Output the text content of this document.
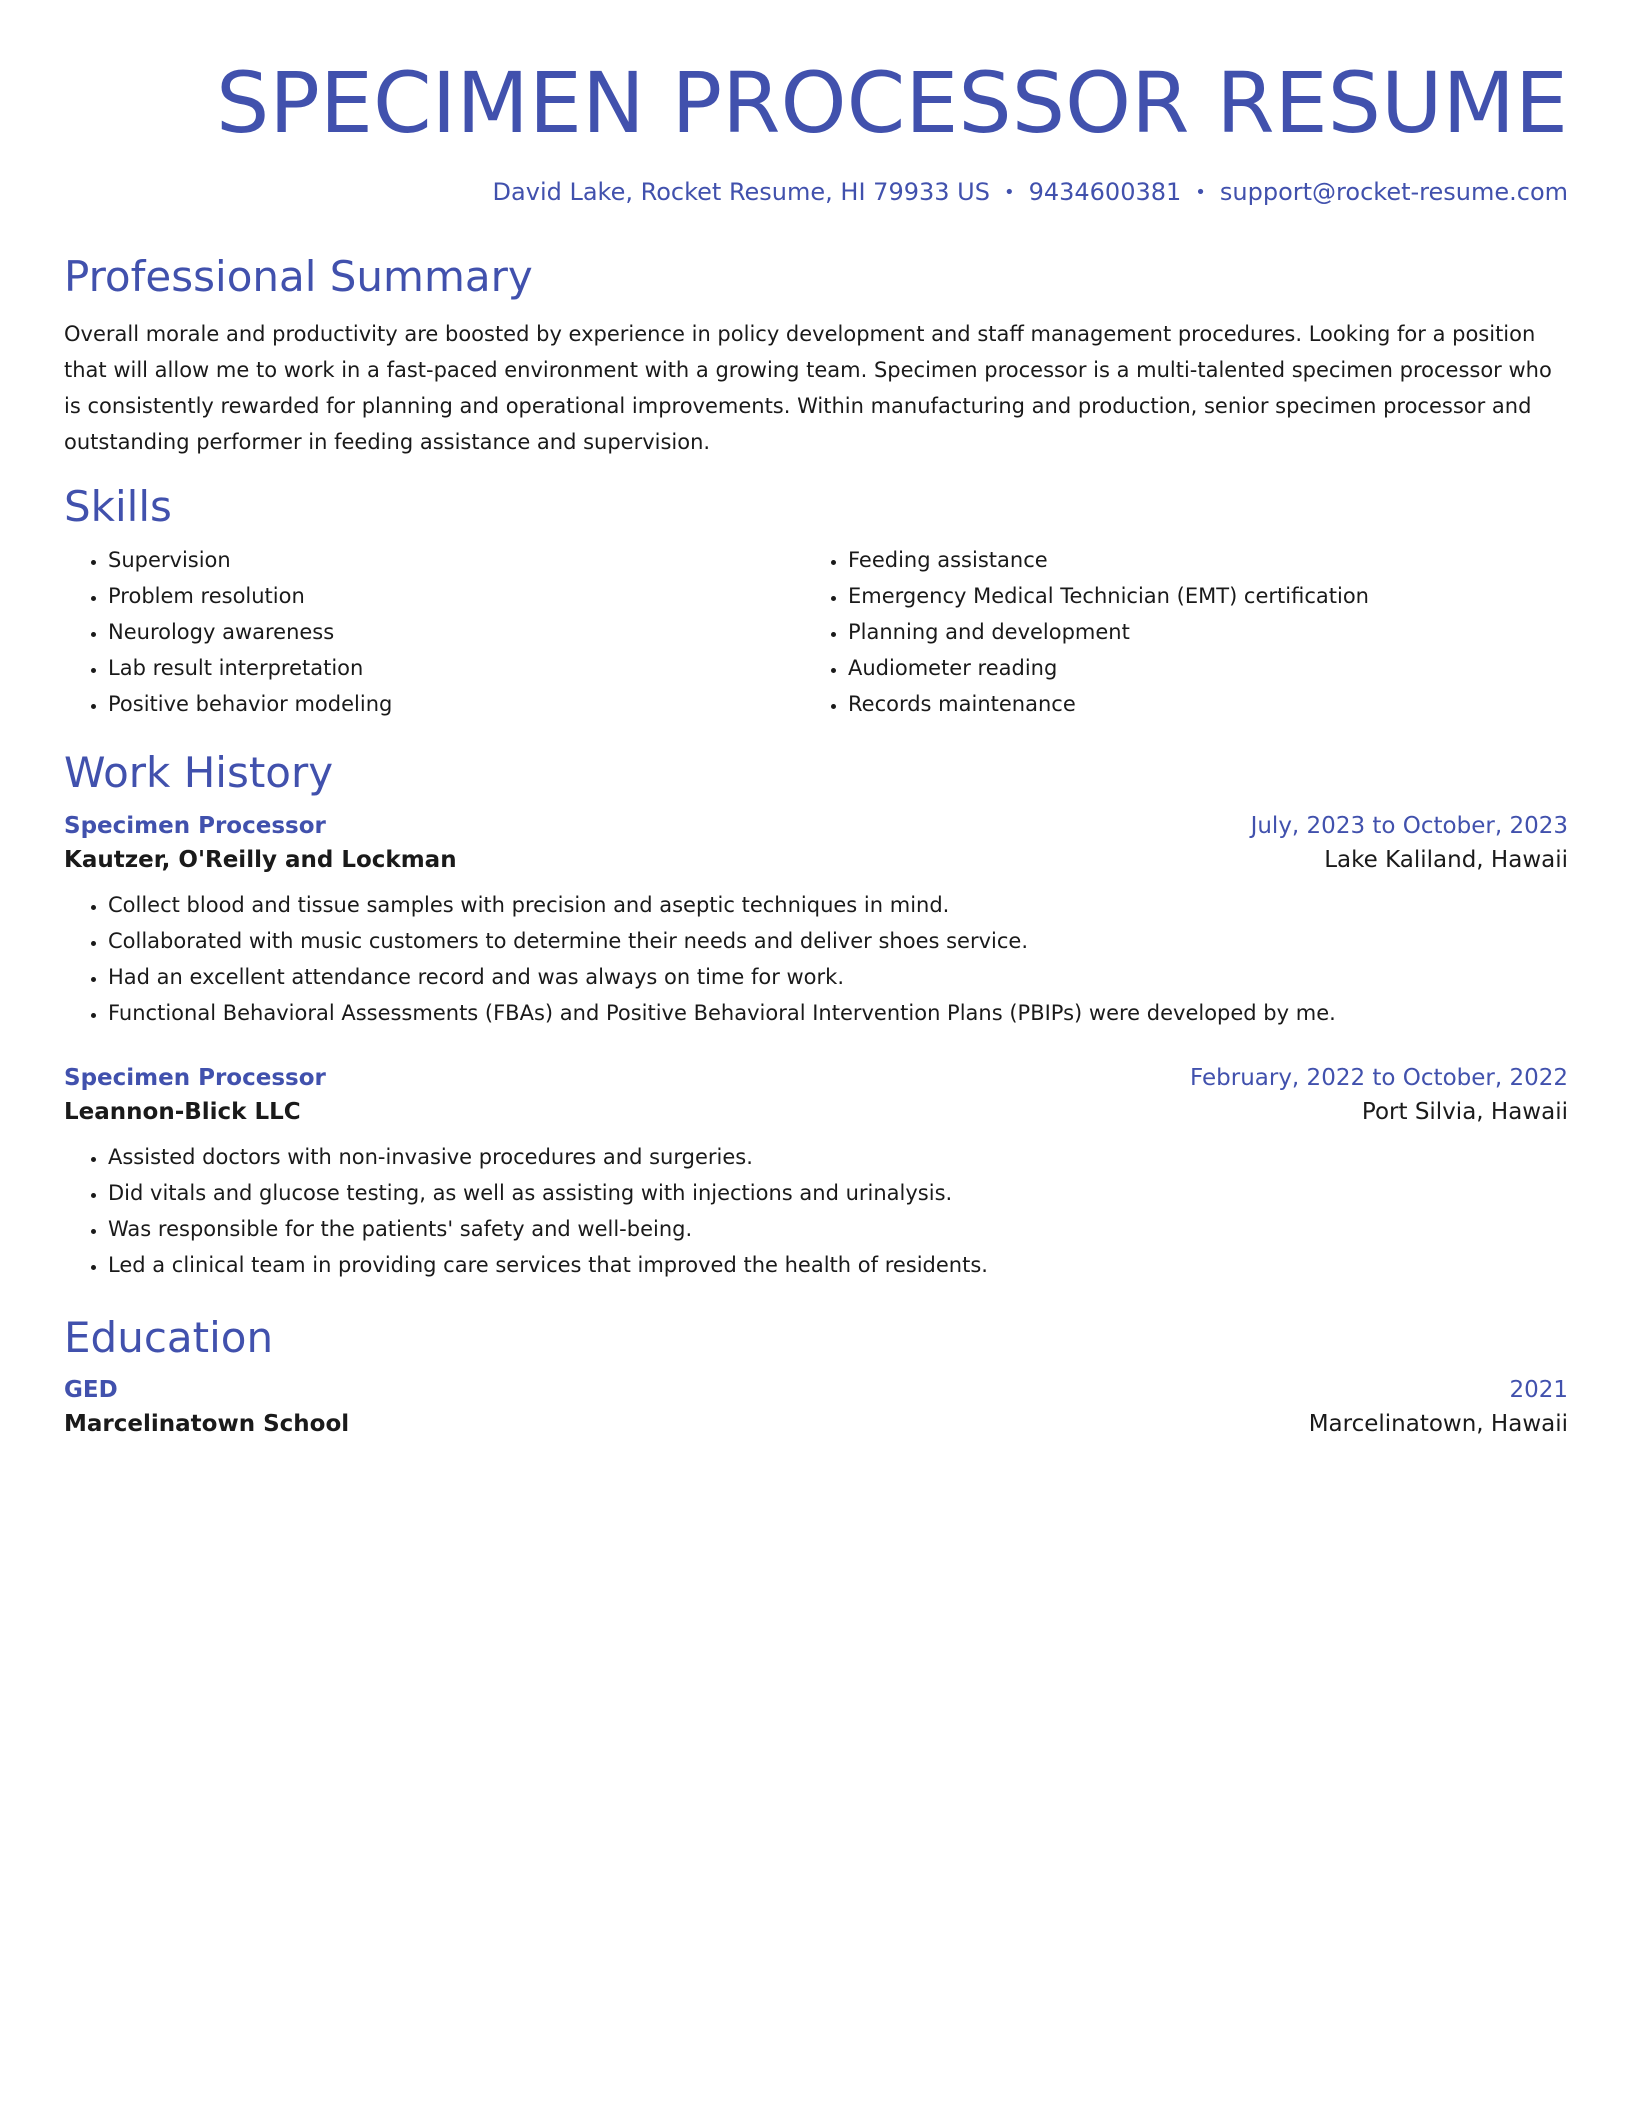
SPECIMEN PROCESSOR RESUME
David Lake, Rocket Resume, HI 79933 US • 9434600381 • support@rocket-resume.com
Professional Summary

Overall morale and productivity are boosted by experience in policy development and staff management procedures. Looking for a position that will allow me to work in a fast-paced environment with a growing team. Specimen processor is a multi-talented specimen processor who is consistently rewarded for planning and operational improvements. Within manufacturing and production, senior specimen processor and outstanding performer in feeding assistance and supervision.

Skills
• Supervision
• Problem resolution
• Neurology awareness
• Lab result interpretation
• Positive behavior modeling
• Feeding assistance
• Emergency Medical Technician (EMT) certification
• Planning and development
• Audiometer reading
• Records maintenance
Work History
Specimen Processor	July, 2023 to October, 2023
Kautzer, O'Reilly and Lockman	Lake Kaliland, Hawaii
• Collect blood and tissue samples with precision and aseptic techniques in mind.
• Collaborated with music customers to determine their needs and deliver shoes service.
• Had an excellent attendance record and was always on time for work.
• Functional Behavioral Assessments (FBAs) and Positive Behavioral Intervention Plans (PBIPs) were developed by me.
Specimen Processor	February, 2022 to October, 2022
Leannon-Blick LLC	Port Silvia, Hawaii
• Assisted doctors with non-invasive procedures and surgeries.
• Did vitals and glucose testing, as well as assisting with injections and urinalysis.
• Was responsible for the patients' safety and well-being.
• Led a clinical team in providing care services that improved the health of residents.
Education
GED	2021
Marcelinatown School	Marcelinatown, Hawaii
